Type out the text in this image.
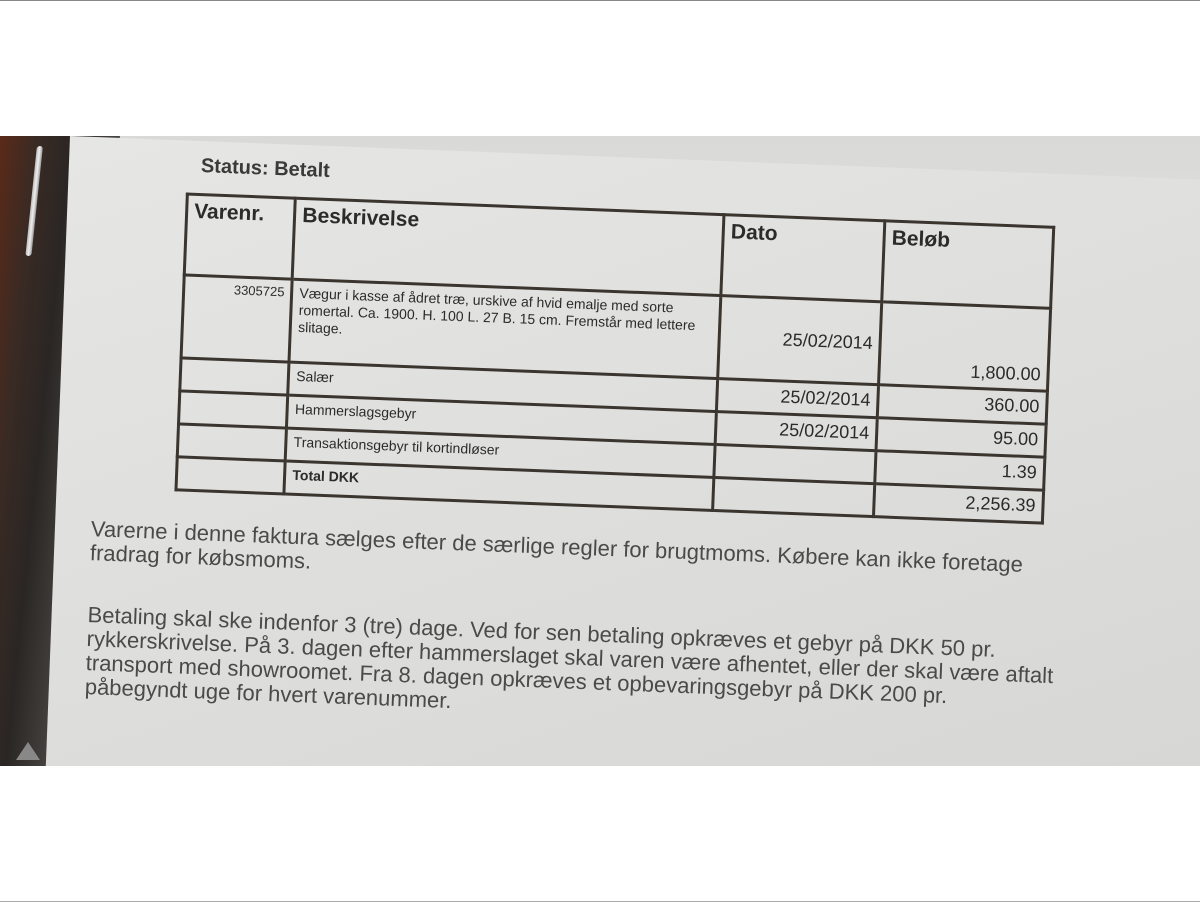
Status: Betalt
Varenr.	Beskrivelse	Dato	Beløb
3305725	Vægur i kasse af ådret træ, urskive af hvid emalje med sorte romertal. Ca. 1900. H. 100 L. 27 B. 15 cm. Fremstår med lettere slitage.	25/02/2014	1,800.00
	Salær	25/02/2014	360.00
	Hammerslagsgebyr	25/02/2014	95.00
	Transaktionsgebyr til kortindløser		1.39
	Total DKK		2,256.39
Varerne i denne faktura sælges efter de særlige regler for brugtmoms. Købere kan ikke foretage fradrag for købsmoms.
Betaling skal ske indenfor 3 (tre) dage. Ved for sen betaling opkræves et gebyr på DKK 50 pr. rykkerskrivelse. På 3. dagen efter hammerslaget skal varen være afhentet, eller der skal være aftalt transport med showroomet. Fra 8. dagen opkræves et opbevaringsgebyr på DKK 200 pr. påbegyndt uge for hvert varenummer.
